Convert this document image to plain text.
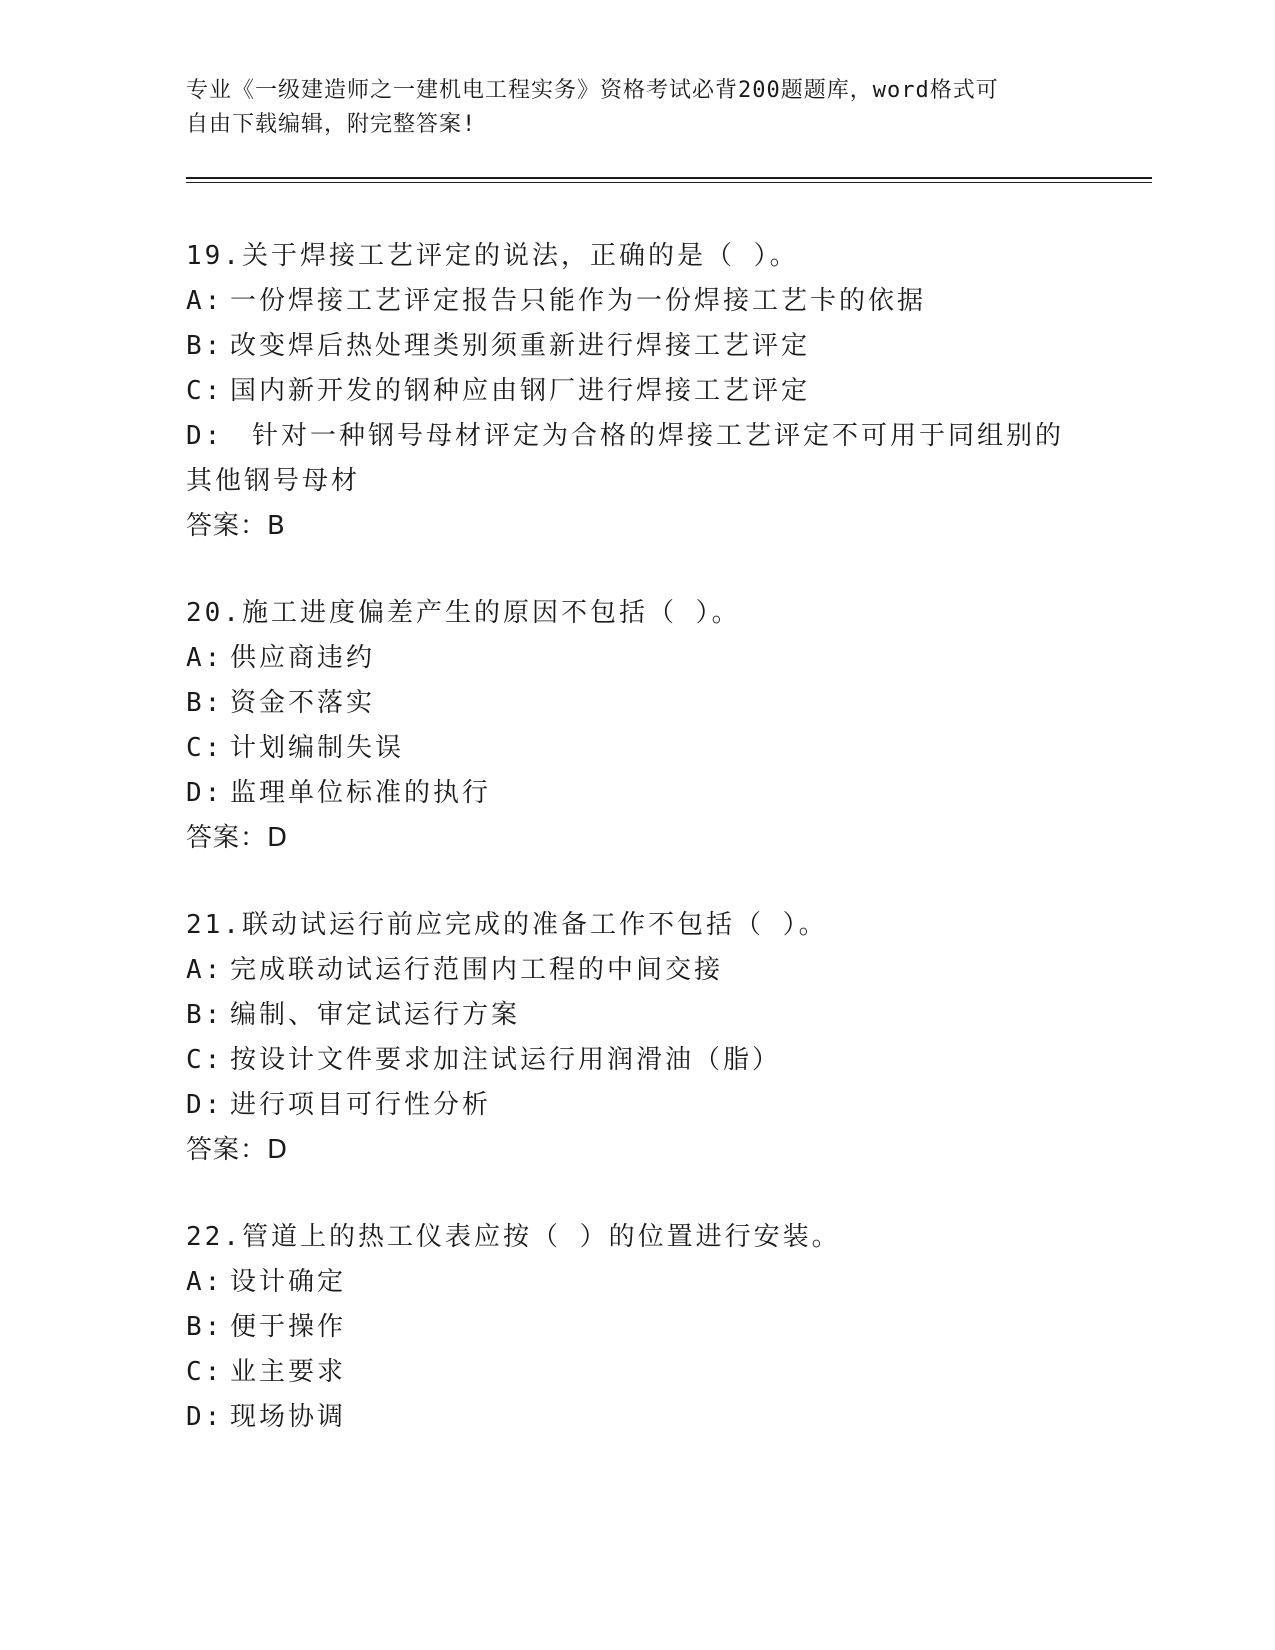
专业《一级建造师之一建机电工程实务》资格考试必背200题题库，word格式可
自由下载编辑，附完整答案!

19.关于焊接工艺评定的说法，正确的是（ ）。

A: 一份焊接工艺评定报告只能作为一份焊接工艺卡的依据
B: 改变焊后热处理类别须重新进行焊接工艺评定
C: 国内新开发的钢种应由钢厂进行焊接工艺评定
D: 针对一种钢号母材评定为合格的焊接工艺评定不可用于同组别的其他钢号母材
答案：B

20.施工进度偏差产生的原因不包括（ ）。

A: 供应商违约
B: 资金不落实
C: 计划编制失误
D: 监理单位标准的执行
答案：D

21.联动试运行前应完成的准备工作不包括（ ）。

A: 完成联动试运行范围内工程的中间交接
B: 编制、审定试运行方案
C: 按设计文件要求加注试运行用润滑油（脂）
D: 进行项目可行性分析
答案：D

22.管道上的热工仪表应按（ ）的位置进行安装。

A: 设计确定
B: 便于操作
C: 业主要求
D: 现场协调
